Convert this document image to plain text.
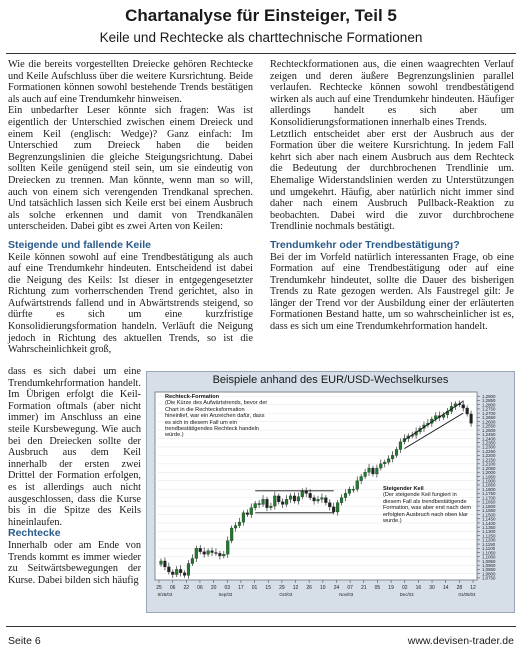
Chartanalyse für Einsteiger, Teil 5
Keile und Rechtecke als charttechnische Formationen

Wie die bereits vorgestellten Dreiecke gehören Rechtecke und Keile Aufschluss über die weitere Kursrichtung. Beide Formationen können sowohl bestehende Trends bestätigen als auch auf eine Trendumkehr hinweisen.

Ein unbedarfter Leser könnte sich fragen: Was ist eigentlich der Unterschied zwischen einem Dreieck und einem Keil (englisch: Wedge)? Ganz einfach: Im Unterschied zum Dreieck haben die beiden Begrenzungslinien die gleiche Steigungsrichtung. Dabei sollten Keile genügend steil sein, um sie eindeutig von Dreiecken zu trennen. Man könnte, wenn man so will, auch von einem sich verengenden Trendkanal sprechen. Und tatsächlich lassen sich Keile erst bei einem Ausbruch als solche erkennen und damit von Trendkanälen unterscheiden. Dabei gibt es zwei Arten von Keilen:

Steigende und fallende Keile

Keile können sowohl auf eine Trendbestätigung als auch auf eine Trendumkehr hindeuten. Entscheidend ist dabei die Neigung des Keils: Ist dieser in entgegengesetzter Richtung zum vorherrschenden Trend gerichtet, also in Aufwärtstrends fallend und in Abwärtstrends steigend, so dürfte es sich um eine kurzfristige Konsolidierungsformation handeln. Verläuft die Neigung jedoch in Richtung des aktuellen Trends, so ist die Wahrscheinlichkeit groß,

dass es sich dabei um eine Trendumkehrformation handelt. Im Übrigen erfolgt die Keil-Formation oftmals (aber nicht immer) im Anschluss an eine steile Kursbewegung. Wie auch bei den Dreiecken sollte der Ausbruch aus dem Keil innerhalb der ersten zwei Drittel der Formation erfolgen, es ist allerdings auch nicht ausgeschlossen, dass die Kurse bis in die Spitze des Keils hineinlaufen.

Rechtecke

Innerhalb oder am Ende von Trends kommt es immer wieder zu Seitwärtsbewegungen der Kurse. Dabei bilden sich häufig

Rechteckformationen aus, die einen waagrechten Verlauf zeigen und deren äußere Begrenzungslinien parallel verlaufen. Rechtecke können sowohl trendbestätigend wirken als auch auf eine Trendumkehr hindeuten. Häufiger allerdings handelt es sich aber um Konsolidierungsformationen innerhalb eines Trends.

Letztlich entscheidet aber erst der Ausbruch aus der Formation über die weitere Kursrichtung. In jedem Fall kehrt sich aber nach einem Ausbruch aus dem Rechteck die Bedeutung der durchbrochenen Trendlinie um. Ehemalige Widerstandslinien werden zu Unterstützungen und umgekehrt. Häufig, aber natürlich nicht immer sind daher nach einem Ausbruch Pullback-Reaktion zu beobachten. Dabei wird die zuvor durchbrochene Trendlinie nochmals bestätigt.

Trendumkehr oder Trendbestätigung?

Bei der im Vorfeld natürlich interessanten Frage, ob eine Formation auf eine Trendbestätigung oder auf eine Trendumkehr hindeutet, sollte die Dauer des bisherigen Trends zu Rate gezogen werden. Als Faustregel gilt: Je länger der Trend vor der Ausbildung einer der erläuterten Formationen Bestand hatte, um so wahrscheinlicher ist es, dass es sich um eine Trendumkehrformation handelt.

Beispiele anhand des EUR/USD-Wechselkurses
1,2900
1,2850
1,2800
1,2750
1,2700
1,2650
1,2600
1,2550
1,2500
1,2450
1,2400
1,2350
1,2300
1,2250
1,2200
1,2150
1,2100
1,2050
1,2000
1,1950
1,1900
1,1850
1,1800
1,1750
1,1700
1,1650
1,1600
1,1550
1,1500
1,1450
1,1400
1,1350
1,1300
1,1250
1,1200
1,1150
1,1100
1,1050
1,1000
1,0950
1,0900
1,0850
1,0800
1,0750
Rechteck-Formation
(Die Kürze des Aufwärtstrends, bevor der Chart in die Rechtecksformation hineinlief, war ein Anzeichen dafür, dass es sich in diesem Fall um ein trendbestätigendes Rechteck handeln würde.)
Steigender Keil
(Der steigende Keil fungiert in diesem Fall als trendbestätigende Formation, was aber erst nach dem erfolgten Ausbruch nach oben klar wurde.)
25 06 22 06 20 03 17 01 15 29 12 26 10 24 07 21 05 19 02 16 30 14 28 12
8/25/03	Sep/03	Oct/03	Nov/03	Dec/03	01/05/04
Seite 6	www.devisen-trader.de
